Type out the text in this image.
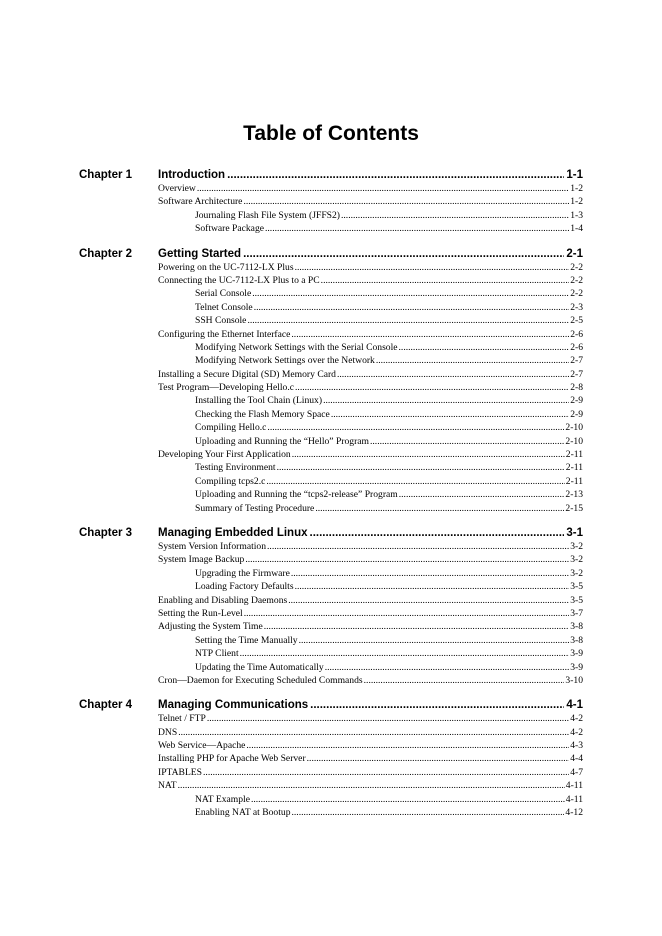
Table of Contents
Chapter 1 Introduction .....	1-1
Overview .....	1-2
Software Architecture .....	1-2
Journaling Flash File System (JFFS2) .....	1-3
Software Package .....	1-4
Chapter 2 Getting Started .....	2-1
Powering on the UC-7112-LX Plus .....	2-2
Connecting the UC-7112-LX Plus to a PC .....	2-2
Serial Console .....	2-2
Telnet Console .....	2-3
SSH Console .....	2-5
Configuring the Ethernet Interface .....	2-6
Modifying Network Settings with the Serial Console .....	2-6
Modifying Network Settings over the Network .....	2-7
Installing a Secure Digital (SD) Memory Card .....	2-7
Test Program—Developing Hello.c .....	2-8
Installing the Tool Chain (Linux) .....	2-9
Checking the Flash Memory Space .....	2-9
Compiling Hello.c .....	2-10
Uploading and Running the “Hello” Program .....	2-10
Developing Your First Application .....	2-11
Testing Environment .....	2-11
Compiling tcps2.c .....	2-11
Uploading and Running the “tcps2-release” Program .....	2-13
Summary of Testing Procedure .....	2-15
Chapter 3 Managing Embedded Linux .....	3-1
System Version Information .....	3-2
System Image Backup .....	3-2
Upgrading the Firmware .....	3-2
Loading Factory Defaults .....	3-5
Enabling and Disabling Daemons .....	3-5
Setting the Run-Level .....	3-7
Adjusting the System Time .....	3-8
Setting the Time Manually .....	3-8
NTP Client .....	3-9
Updating the Time Automatically .....	3-9
Cron—Daemon for Executing Scheduled Commands .....	3-10
Chapter 4 Managing Communications .....	4-1
Telnet / FTP .....	4-2
DNS .....	4-2
Web Service—Apache .....	4-3
Installing PHP for Apache Web Server .....	4-4
IPTABLES .....	4-7
NAT .....	4-11
NAT Example .....	4-11
Enabling NAT at Bootup .....	4-12
